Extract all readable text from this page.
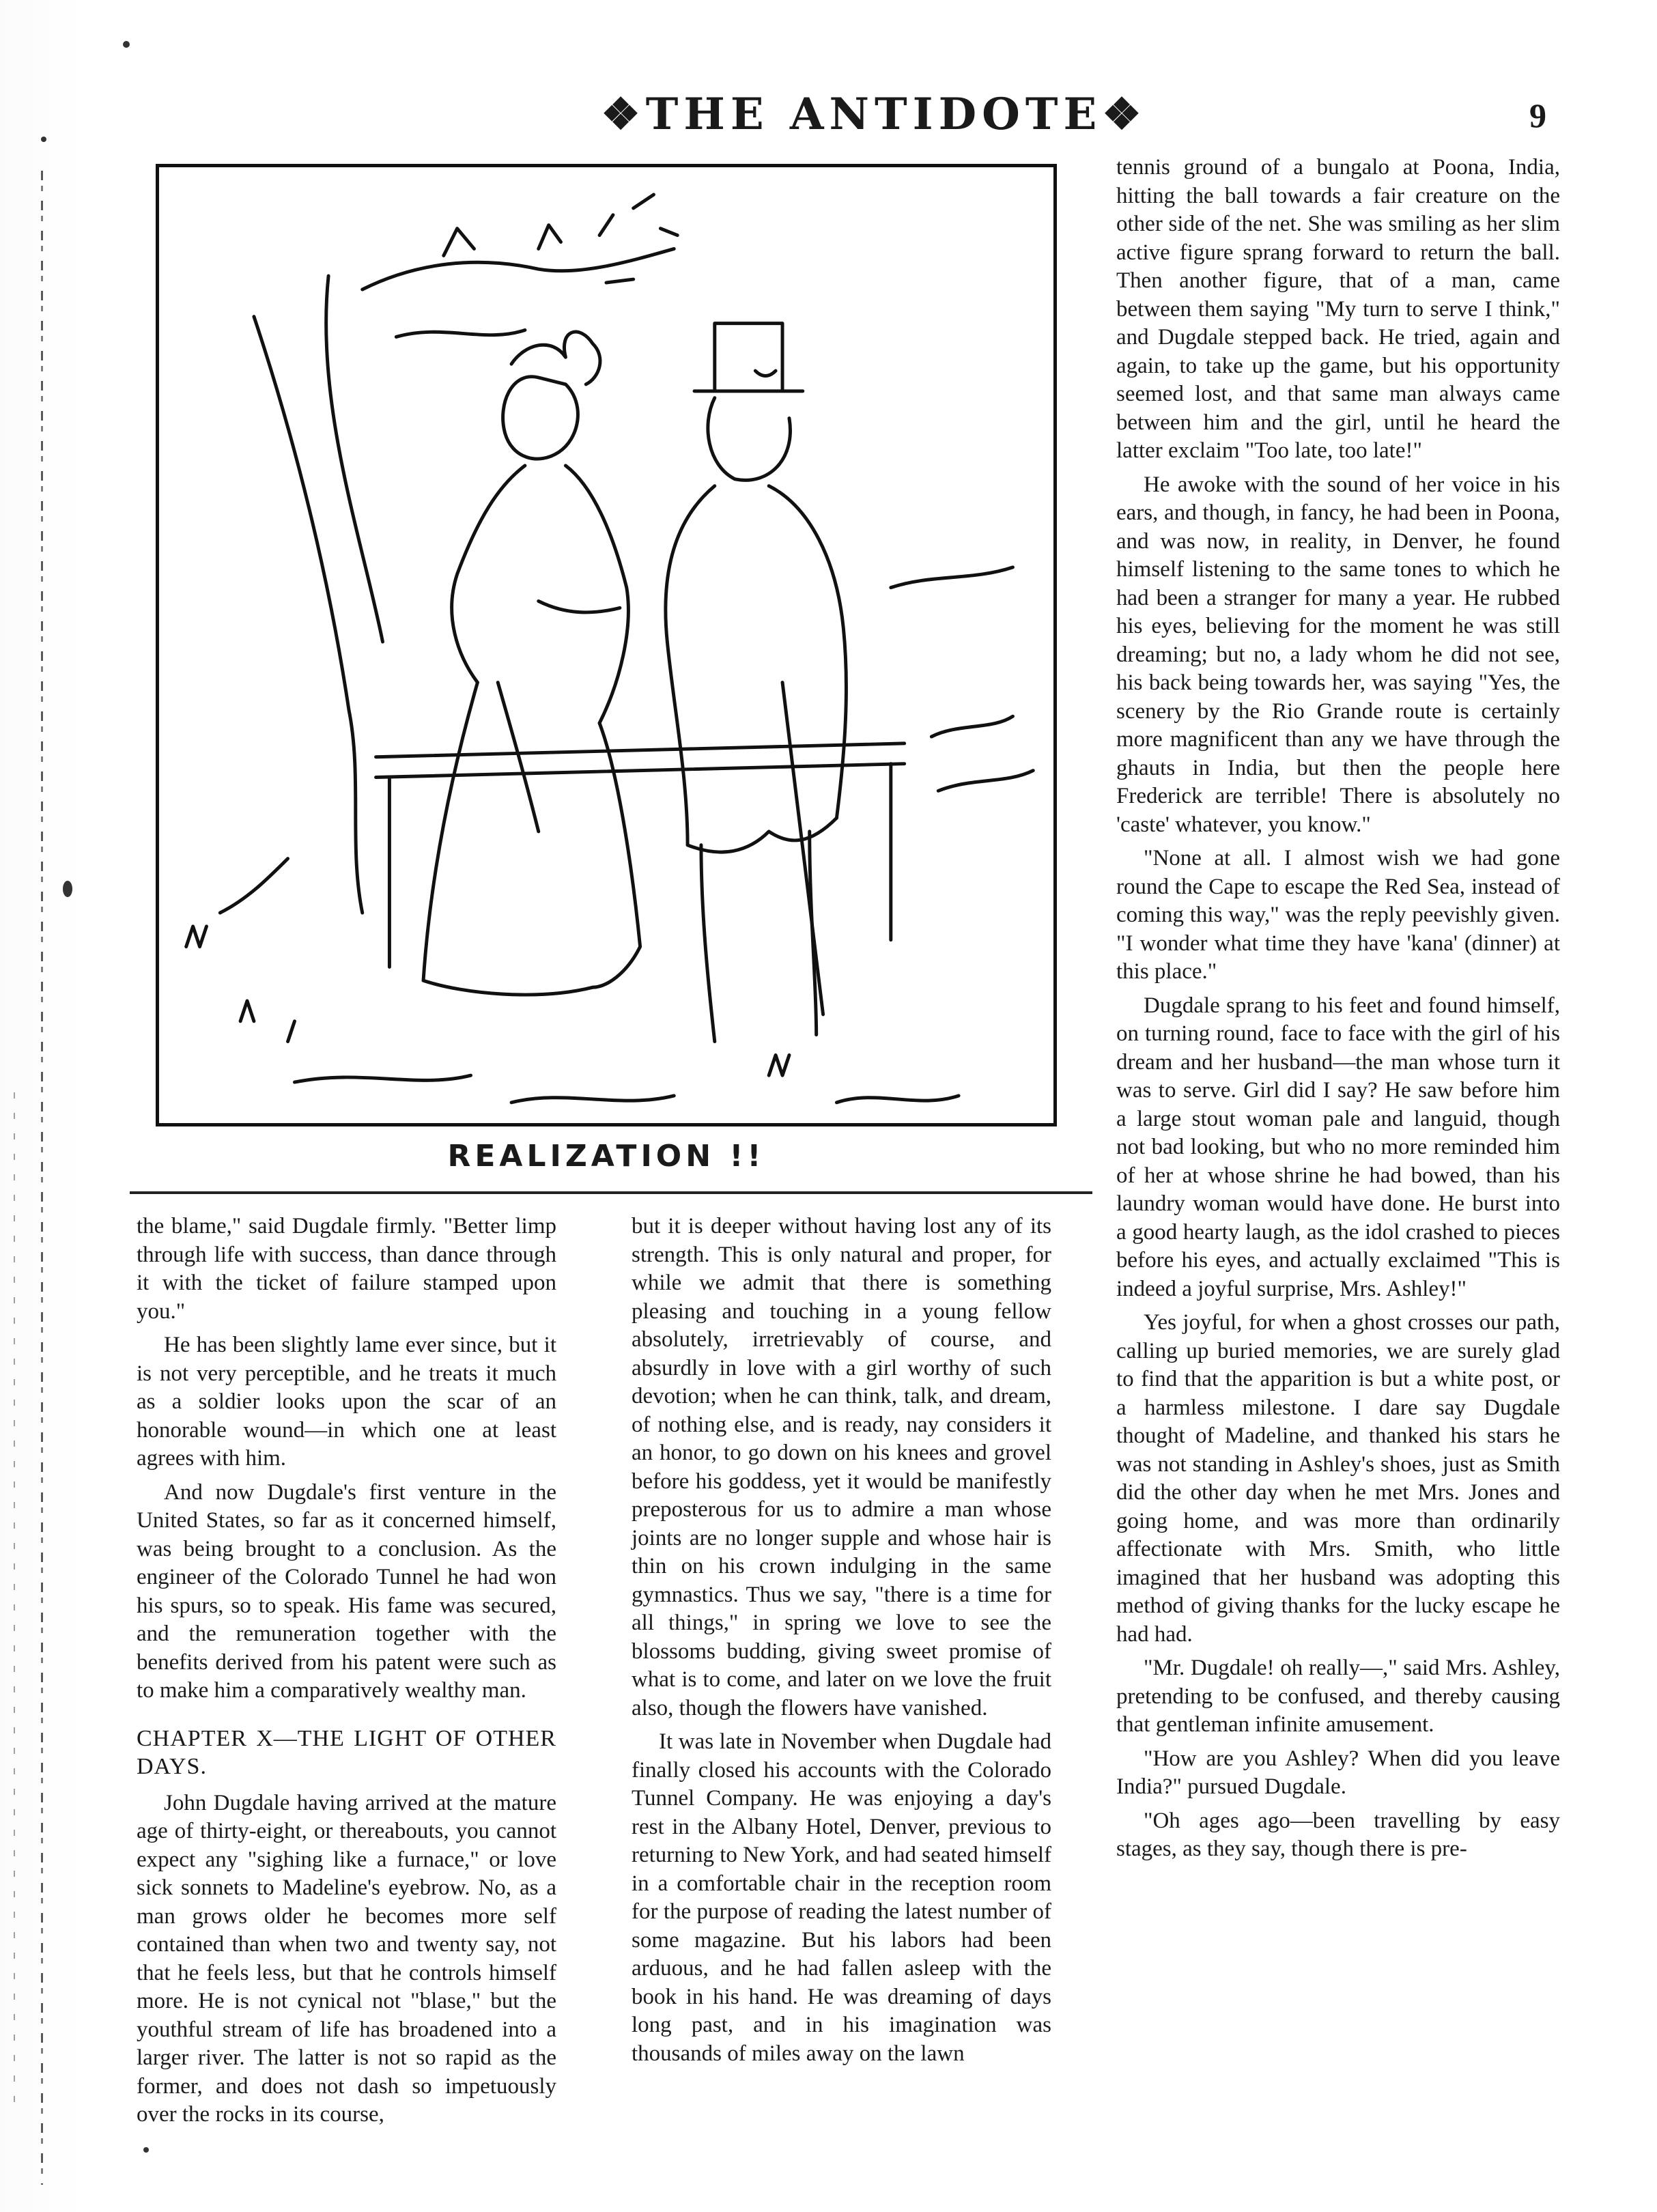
❖THE ANTIDOTE❖	9
REALIZATION !!

the blame," said Dugdale firmly. "Better limp through life with success, than dance through it with the ticket of failure stamped upon you."

He has been slightly lame ever since, but it is not very perceptible, and he treats it much as a soldier looks upon the scar of an honorable wound—in which one at least agrees with him.

And now Dugdale's first venture in the United States, so far as it concerned himself, was being brought to a conclusion. As the engineer of the Colorado Tunnel he had won his spurs, so to speak. His fame was secured, and the remuneration together with the benefits derived from his patent were such as to make him a comparatively wealthy man.

CHAPTER X—THE LIGHT OF OTHER DAYS.

John Dugdale having arrived at the mature age of thirty-eight, or thereabouts, you cannot expect any "sighing like a furnace," or love sick sonnets to Madeline's eyebrow. No, as a man grows older he becomes more self contained than when two and twenty say, not that he feels less, but that he controls himself more. He is not cynical not "blase," but the youthful stream of life has broadened into a larger river. The latter is not so rapid as the former, and does not dash so impetuously over the rocks in its course,

but it is deeper without having lost any of its strength. This is only natural and proper, for while we admit that there is something pleasing and touching in a young fellow absolutely, irretrievably of course, and absurdly in love with a girl worthy of such devotion; when he can think, talk, and dream, of nothing else, and is ready, nay considers it an honor, to go down on his knees and grovel before his goddess, yet it would be manifestly preposterous for us to admire a man whose joints are no longer supple and whose hair is thin on his crown indulging in the same gymnastics. Thus we say, "there is a time for all things," in spring we love to see the blossoms budding, giving sweet promise of what is to come, and later on we love the fruit also, though the flowers have vanished.

It was late in November when Dugdale had finally closed his accounts with the Colorado Tunnel Company. He was enjoying a day's rest in the Albany Hotel, Denver, previous to returning to New York, and had seated himself in a comfortable chair in the reception room for the purpose of reading the latest number of some magazine. But his labors had been arduous, and he had fallen asleep with the book in his hand. He was dreaming of days long past, and in his imagination was thousands of miles away on the lawn

tennis ground of a bungalo at Poona, India, hitting the ball towards a fair creature on the other side of the net. She was smiling as her slim active figure sprang forward to return the ball. Then another figure, that of a man, came between them saying "My turn to serve I think," and Dugdale stepped back. He tried, again and again, to take up the game, but his opportunity seemed lost, and that same man always came between him and the girl, until he heard the latter exclaim "Too late, too late!"

He awoke with the sound of her voice in his ears, and though, in fancy, he had been in Poona, and was now, in reality, in Denver, he found himself listening to the same tones to which he had been a stranger for many a year. He rubbed his eyes, believing for the moment he was still dreaming; but no, a lady whom he did not see, his back being towards her, was saying "Yes, the scenery by the Rio Grande route is certainly more magnificent than any we have through the ghauts in India, but then the people here Frederick are terrible! There is absolutely no 'caste' whatever, you know."

"None at all. I almost wish we had gone round the Cape to escape the Red Sea, instead of coming this way," was the reply peevishly given. "I wonder what time they have 'kana' (dinner) at this place."

Dugdale sprang to his feet and found himself, on turning round, face to face with the girl of his dream and her husband—the man whose turn it was to serve. Girl did I say? He saw before him a large stout woman pale and languid, though not bad looking, but who no more reminded him of her at whose shrine he had bowed, than his laundry woman would have done. He burst into a good hearty laugh, as the idol crashed to pieces before his eyes, and actually exclaimed "This is indeed a joyful surprise, Mrs. Ashley!"

Yes joyful, for when a ghost crosses our path, calling up buried memories, we are surely glad to find that the apparition is but a white post, or a harmless milestone. I dare say Dugdale thought of Madeline, and thanked his stars he was not standing in Ashley's shoes, just as Smith did the other day when he met Mrs. Jones and going home, and was more than ordinarily affectionate with Mrs. Smith, who little imagined that her husband was adopting this method of giving thanks for the lucky escape he had had.

"Mr. Dugdale! oh really—," said Mrs. Ashley, pretending to be confused, and thereby causing that gentleman infinite amusement.

"How are you Ashley? When did you leave India?" pursued Dugdale.

"Oh ages ago—been travelling by easy stages, as they say, though there is pre-
